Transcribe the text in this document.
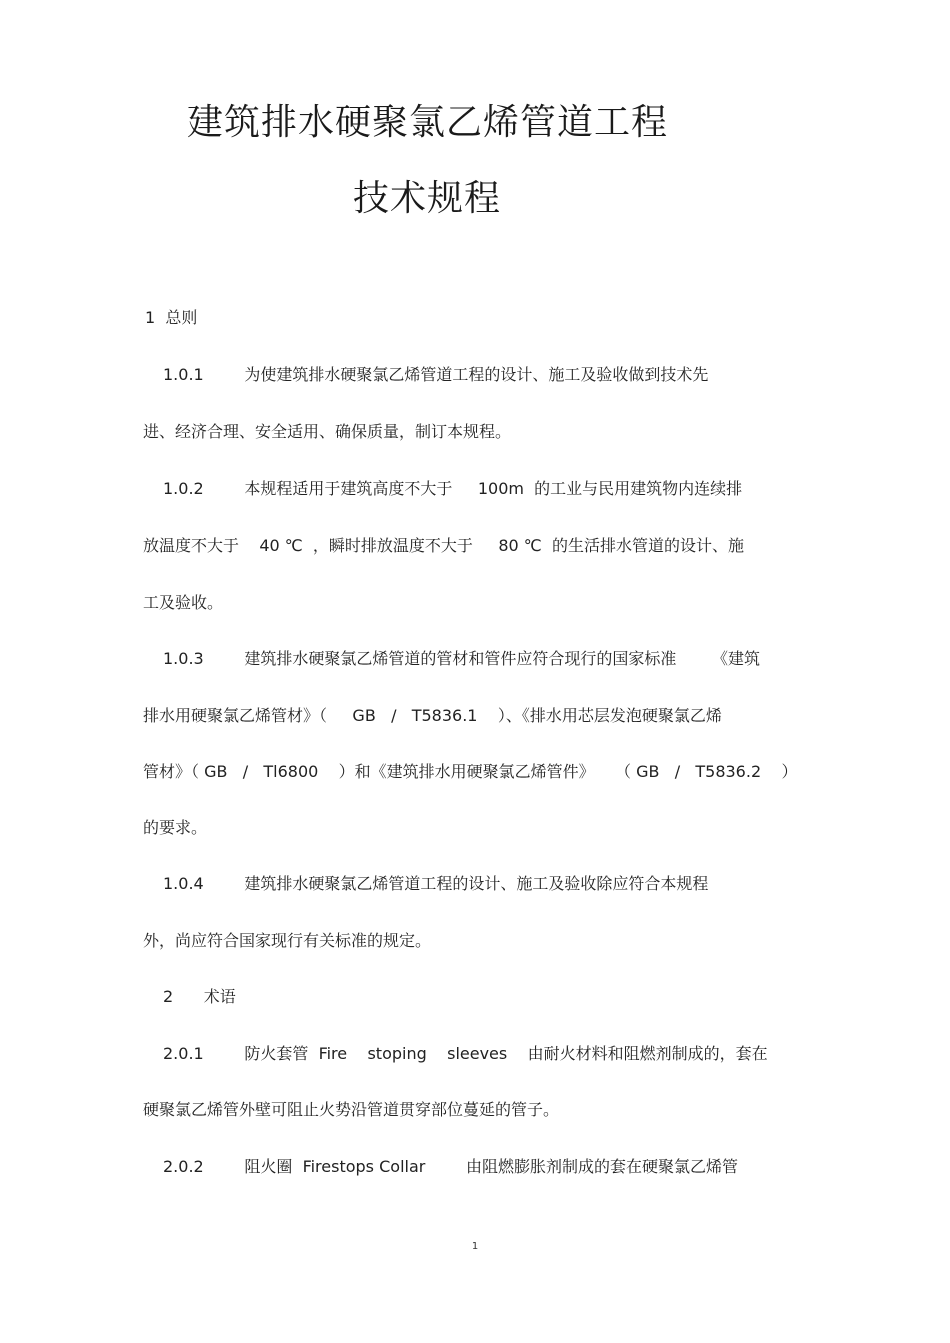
建筑排水硬聚氯乙烯管道工程
技术规程
1  总则
1.0.1        为使建筑排水硬聚氯乙烯管道工程的设计、施工及验收做到技术先
进、经济合理、安全适用、确保质量，制订本规程。
1.0.2        本规程适用于建筑高度不大于     100m  的工业与民用建筑物内连续排
放温度不大于    40 ℃  ，瞬时排放温度不大于     80 ℃  的生活排水管道的设计、施
工及验收。
1.0.3        建筑排水硬聚氯乙烯管道的管材和管件应符合现行的国家标准       《建筑
排水用硬聚氯乙烯管材》（     GB   /   T5836.1    ）、《排水用芯层发泡硬聚氯乙烯
管材》（ GB   /   Tl6800    ）和《建筑排水用硬聚氯乙烯管件》    （ GB   /   T5836.2    ）
的要求。
1.0.4        建筑排水硬聚氯乙烯管道工程的设计、施工及验收除应符合本规程
外，尚应符合国家现行有关标准的规定。
2      术语
2.0.1        防火套管  Fire    stoping    sleeves    由耐火材料和阻燃剂制成的，套在
硬聚氯乙烯管外壁可阻止火势沿管道贯穿部位蔓延的管子。
2.0.2        阻火圈  Firestops Collar        由阻燃膨胀剂制成的套在硬聚氯乙烯管
1
